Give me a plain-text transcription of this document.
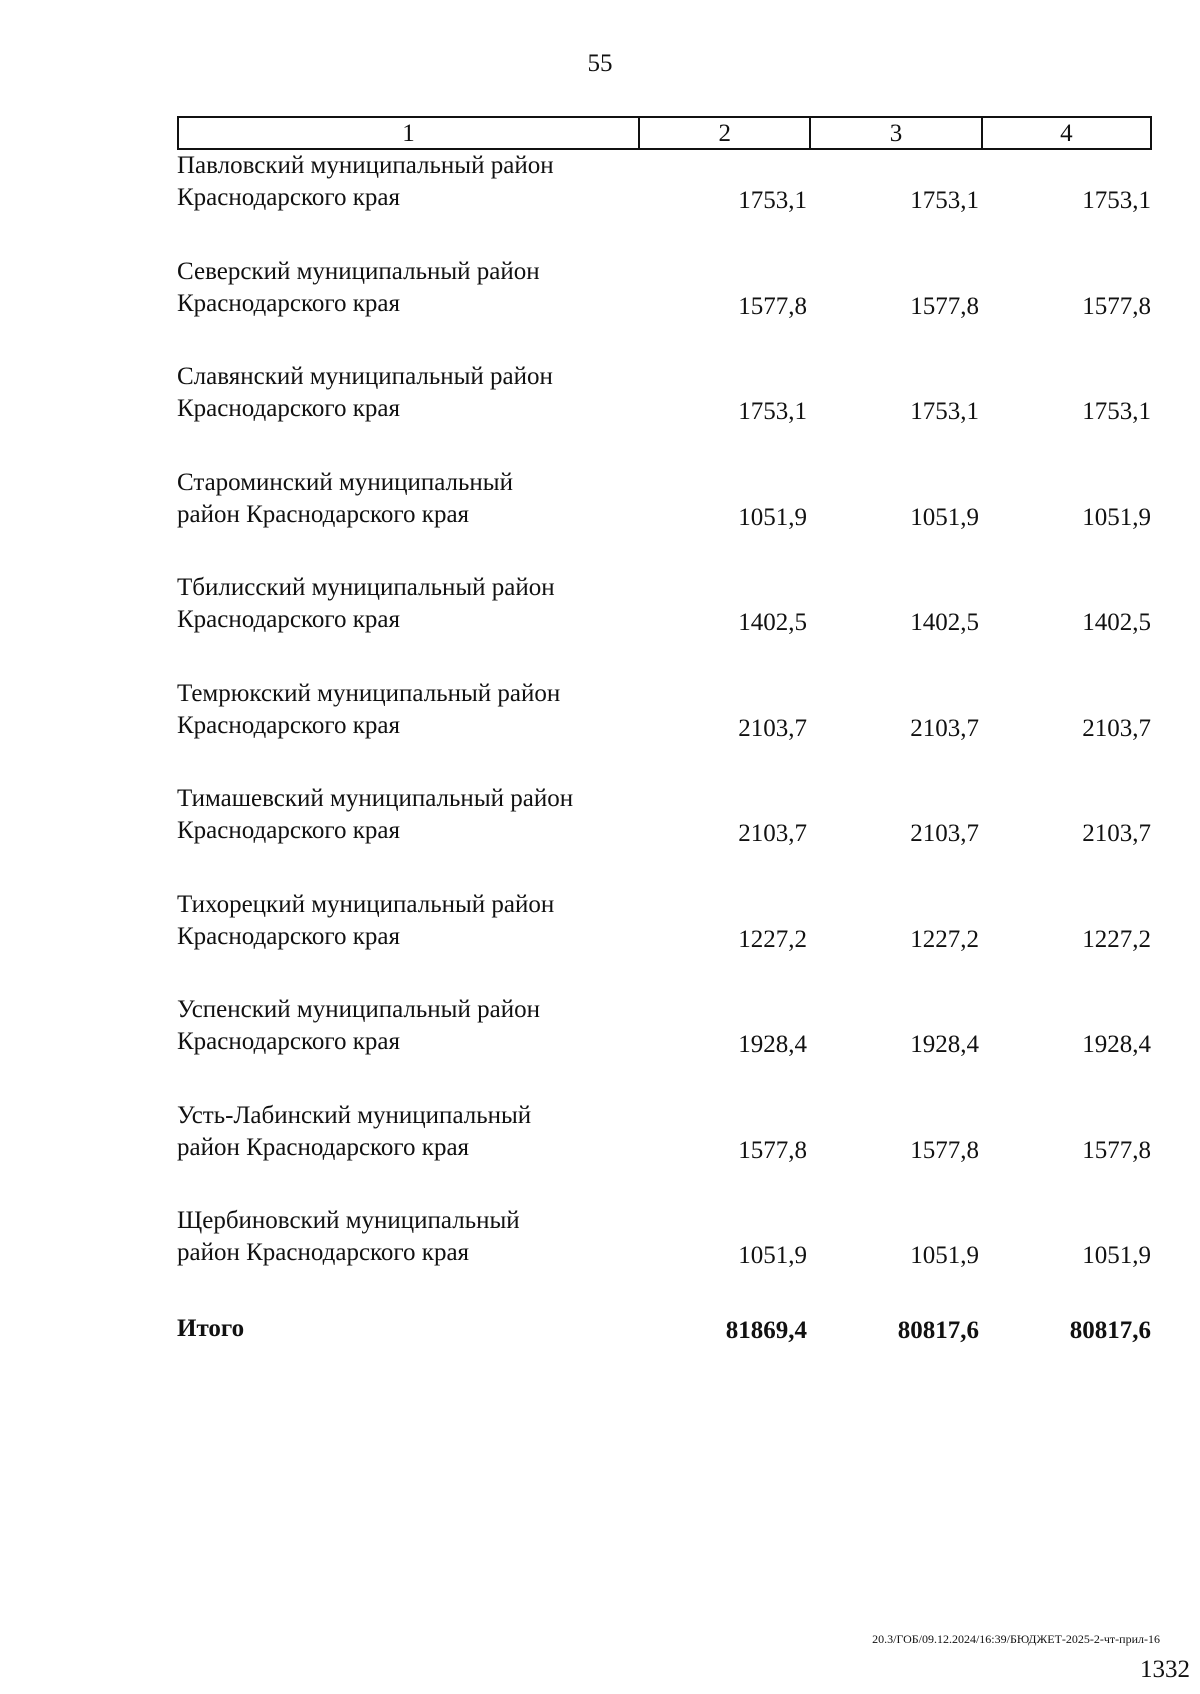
55
1	2	3	4
Павловский муниципальный район
Краснодарского края	1753,1	1753,1	1753,1
Северский муниципальный район
Краснодарского края	1577,8	1577,8	1577,8
Славянский муниципальный район
Краснодарского края	1753,1	1753,1	1753,1
Староминский муниципальный
район Краснодарского края	1051,9	1051,9	1051,9
Тбилисский муниципальный район
Краснодарского края	1402,5	1402,5	1402,5
Темрюкский муниципальный район
Краснодарского края	2103,7	2103,7	2103,7
Тимашевский муниципальный район
Краснодарского края	2103,7	2103,7	2103,7
Тихорецкий муниципальный район
Краснодарского края	1227,2	1227,2	1227,2
Успенский муниципальный район
Краснодарского края	1928,4	1928,4	1928,4
Усть-Лабинский муниципальный
район Краснодарского края	1577,8	1577,8	1577,8
Щербиновский муниципальный
район Краснодарского края	1051,9	1051,9	1051,9
Итого	81869,4	80817,6	80817,6
20.3/ГОБ/09.12.2024/16:39/БЮДЖЕТ-2025-2-чт-прил-16
1332
